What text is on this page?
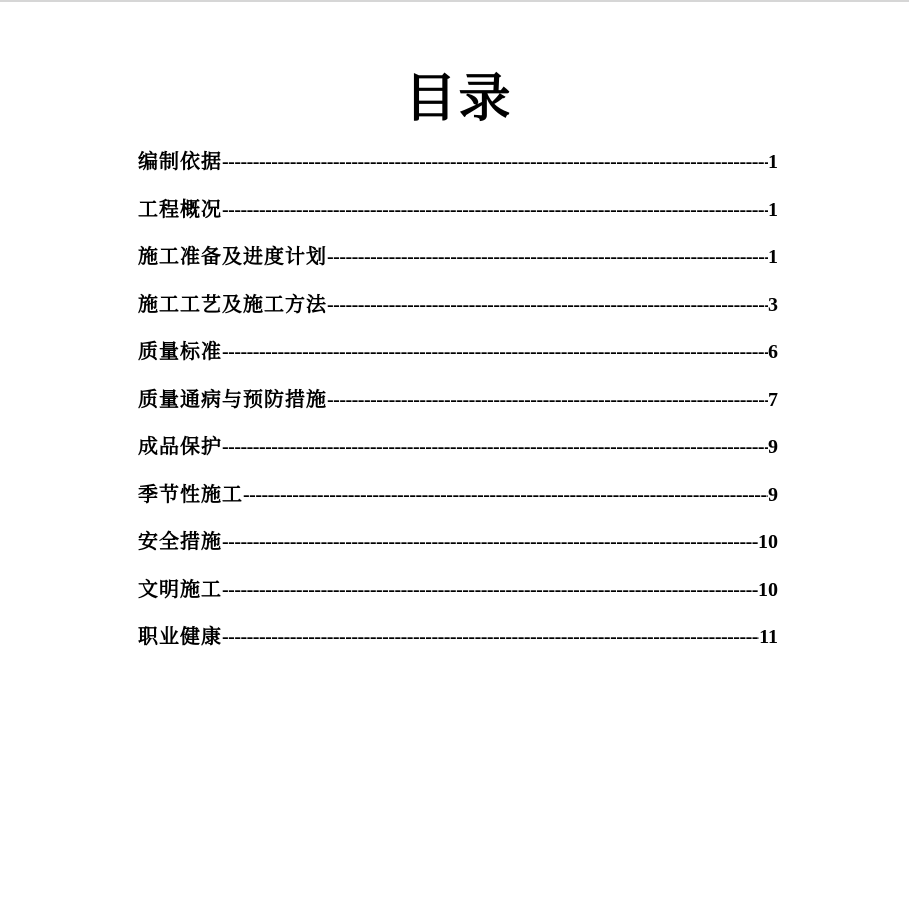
目录
编制依据 -----	1
工程概况 -----	1
施工准备及进度计划 -----	1
施工工艺及施工方法 -----	3
质量标准 -----	6
质量通病与预防措施 -----	7
成品保护 -----	9
季节性施工 -----	9
安全措施 -----	10
文明施工 -----	10
职业健康 -----	11
